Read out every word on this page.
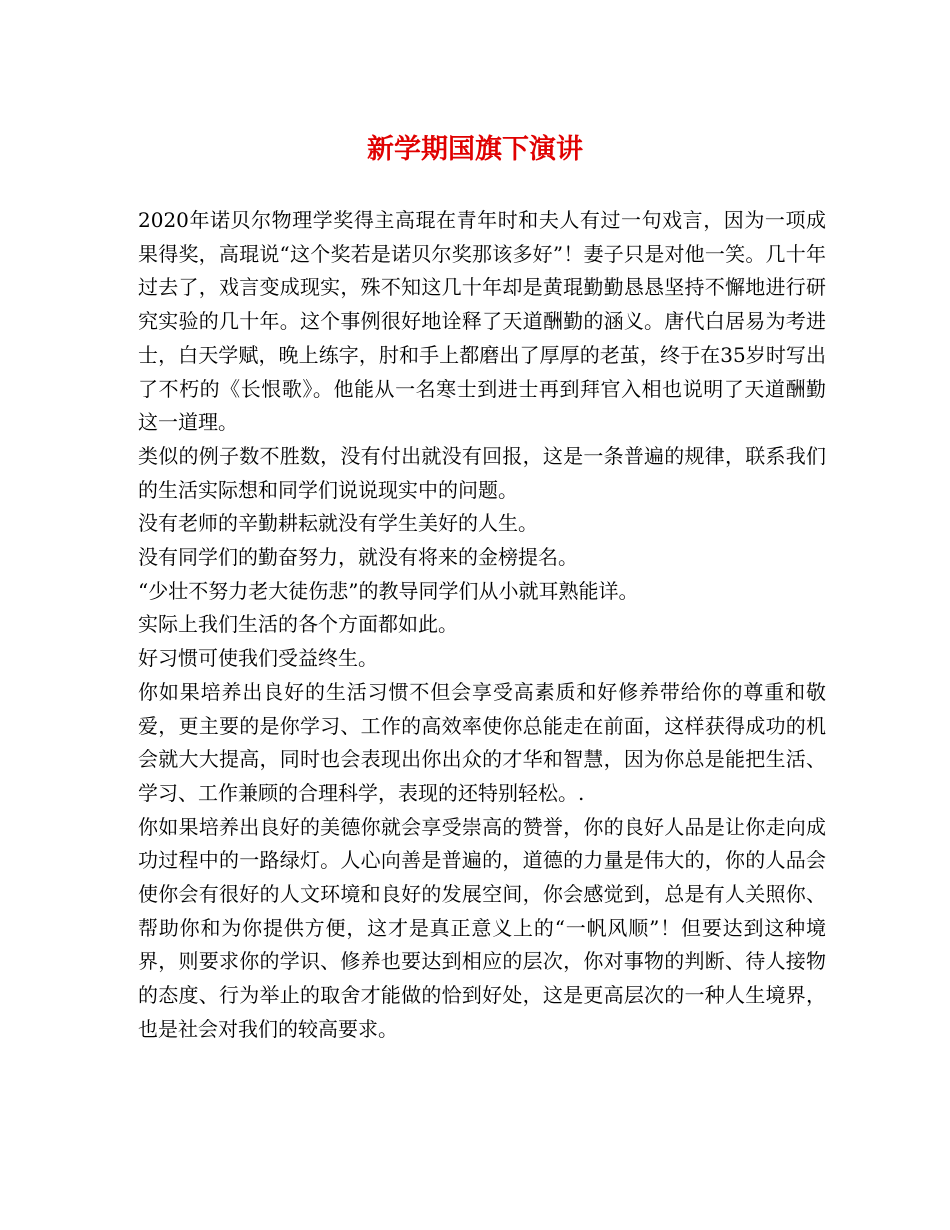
新学期国旗下演讲

2020年诺贝尔物理学奖得主高琨在青年时和夫人有过一句戏言，因为一项成果得奖，高琨说“这个奖若是诺贝尔奖那该多好”！妻子只是对他一笑。几十年过去了，戏言变成现实，殊不知这几十年却是黄琨勤勤恳恳坚持不懈地进行研究实验的几十年。这个事例很好地诠释了天道酬勤的涵义。唐代白居易为考进士，白天学赋，晚上练字，肘和手上都磨出了厚厚的老茧，终于在35岁时写出了不朽的《长恨歌》。他能从一名寒士到进士再到拜官入相也说明了天道酬勤这一道理。

类似的例子数不胜数，没有付出就没有回报，这是一条普遍的规律，联系我们的生活实际想和同学们说说现实中的问题。

没有老师的辛勤耕耘就没有学生美好的人生。

没有同学们的勤奋努力，就没有将来的金榜提名。

“少壮不努力老大徒伤悲”的教导同学们从小就耳熟能详。

实际上我们生活的各个方面都如此。

好习惯可使我们受益终生。

你如果培养出良好的生活习惯不但会享受高素质和好修养带给你的尊重和敬爱，更主要的是你学习、工作的高效率使你总能走在前面，这样获得成功的机会就大大提高，同时也会表现出你出众的才华和智慧，因为你总是能把生活、学习、工作兼顾的合理科学，表现的还特别轻松。.

你如果培养出良好的美德你就会享受崇高的赞誉，你的良好人品是让你走向成功过程中的一路绿灯。人心向善是普遍的，道德的力量是伟大的，你的人品会使你会有很好的人文环境和良好的发展空间，你会感觉到，总是有人关照你、帮助你和为你提供方便，这才是真正意义上的“一帆风顺”！但要达到这种境界，则要求你的学识、修养也要达到相应的层次，你对事物的判断、待人接物的态度、行为举止的取舍才能做的恰到好处，这是更高层次的一种人生境界，也是社会对我们的较高要求。
